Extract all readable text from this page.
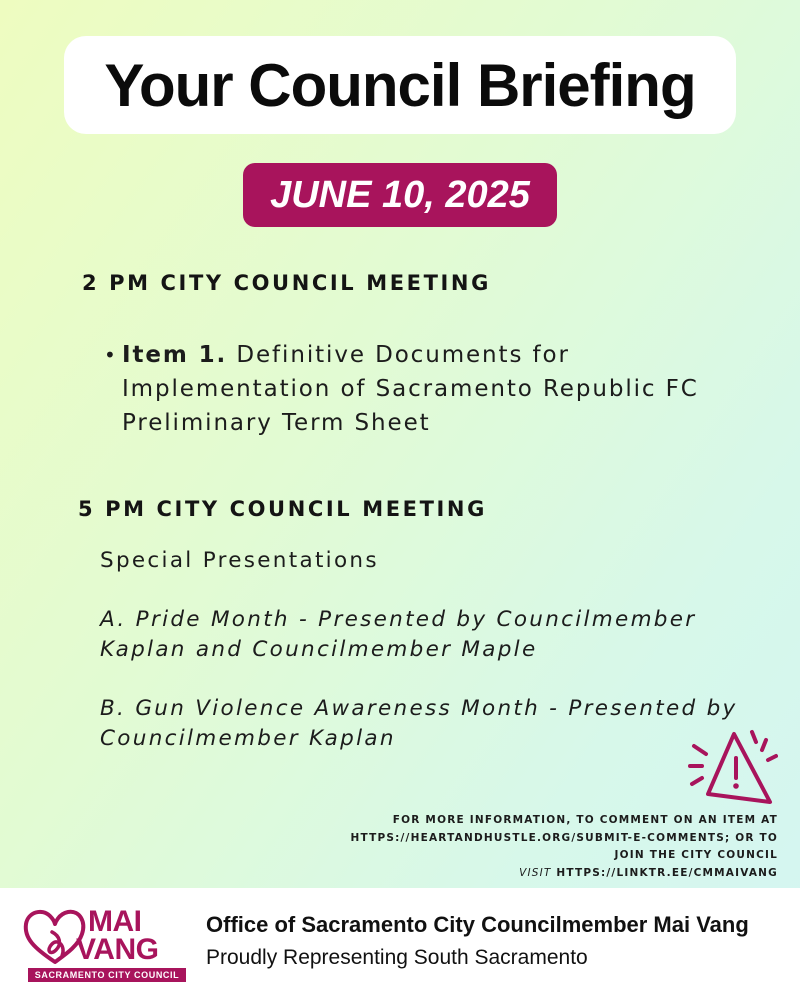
Your Council Briefing
JUNE 10, 2025
2 PM CITY COUNCIL MEETING
• Item 1. Definitive Documents for Implementation of Sacramento Republic FC Preliminary Term Sheet
5 PM CITY COUNCIL MEETING
Special Presentations
A. Pride Month - Presented by Councilmember Kaplan and Councilmember Maple
B. Gun Violence Awareness Month - Presented by Councilmember Kaplan
FOR MORE INFORMATION, TO COMMENT ON AN ITEM AT HTTPS://HEARTANDHUSTLE.ORG/SUBMIT-E-COMMENTS; OR TO JOIN THE CITY COUNCIL
VISIT HTTPS://LINKTR.EE/CMMAIVANG
MAI
VANG
SACRAMENTO CITY COUNCIL
Office of Sacramento City Councilmember Mai Vang
Proudly Representing South Sacramento
